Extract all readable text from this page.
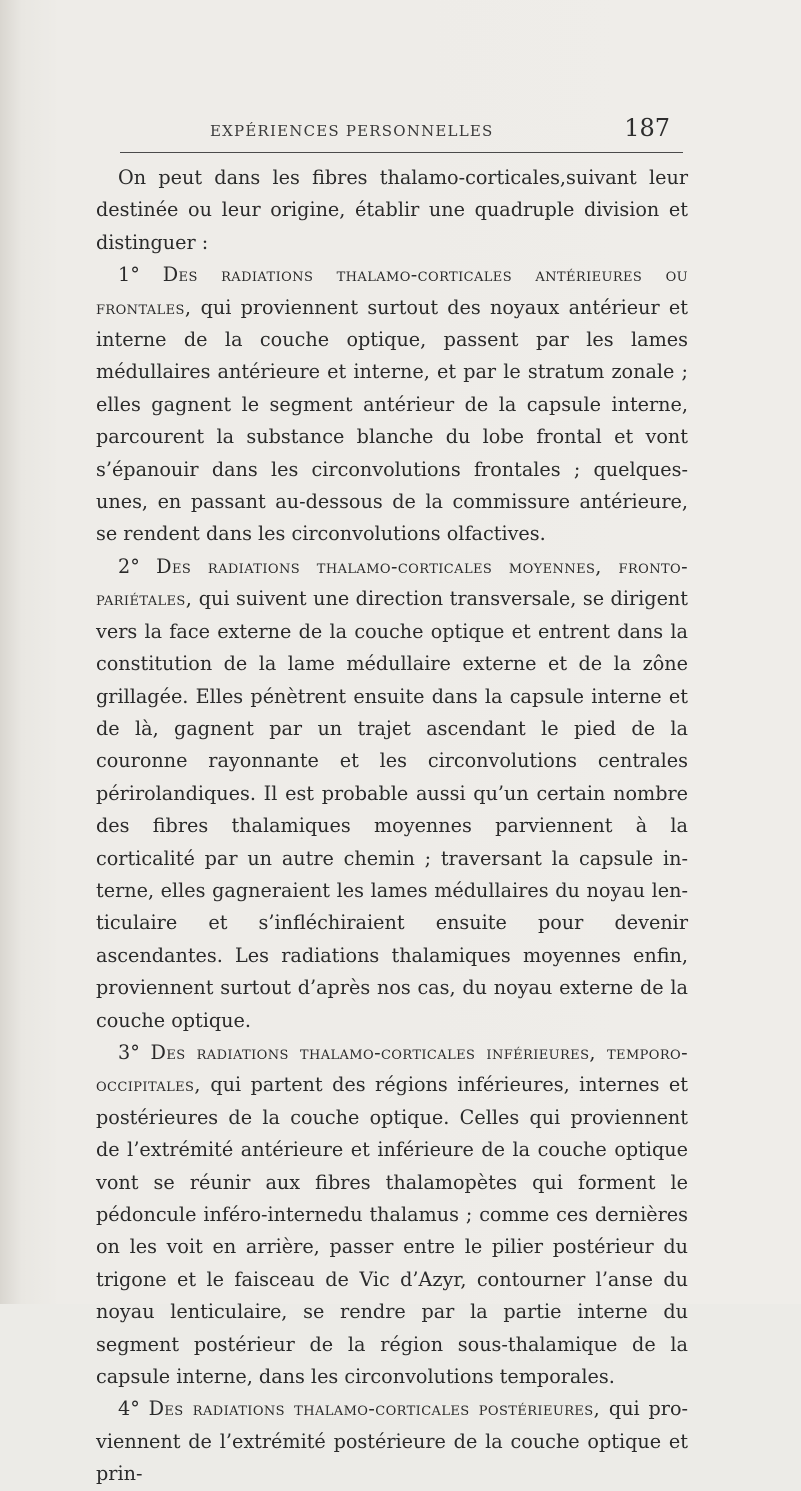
EXPÉRIENCES PERSONNELLES	187

On peut dans les fibres thalamo-corticales,suivant leur destinée ou leur origine, établir une quadruple division et distinguer :

1° Des radiations thalamo-corticales antérieures ou frontales, qui proviennent surtout des noyaux antérieur et interne de la couche optique, passent par les lames médullaires antérieure et interne, et par le stratum zonale ; elles gagnent le segment antérieur de la capsule interne, parcourent la substance blanche du lobe frontal et vont s’épanouir dans les circonvolutions frontales ; quelques-unes, en passant au-dessous de la commissure antérieure, se rendent dans les circonvolutions olfactives.

2° Des radiations thalamo-corticales moyennes, fronto-pariétales, qui suivent une direction transversale, se dirigent vers la face externe de la couche optique et entrent dans la constitution de la lame médullaire externe et de la zône grillagée. Elles pénètrent ensuite dans la capsule interne et de là, gagnent par un trajet ascendant le pied de la couronne rayonnante et les circonvolutions centrales périrolandiques. Il est probable aussi qu’un certain nombre des fibres thalamiques moyennes parviennent à la corticalité par un autre chemin ; traversant la capsule interne, elles gagneraient les lames médullaires du noyau lenticulaire et s’infléchiraient ensuite pour devenir ascendantes. Les radiations thalamiques moyennes enfin, proviennent surtout d’après nos cas, du noyau externe de la couche optique.

3° Des radiations thalamo-corticales inférieures, temporo-occipitales, qui partent des régions inférieures, internes et postérieures de la couche optique. Celles qui proviennent de l’extrémité antérieure et inférieure de la couche optique vont se réunir aux fibres thalamopètes qui forment le pédoncule inféro-internedu thalamus ; comme ces dernières on les voit en arrière, passer entre le pilier postérieur du trigone et le faisceau de Vic d’Azyr, contourner l’anse du noyau lenticulaire, se rendre par la partie interne du segment postérieur de la région sous-thalamique de la capsule interne, dans les circonvolutions temporales.

4° Des radiations thalamo-corticales postérieures, qui proviennent de l’extrémité postérieure de la couche optique et prin-
